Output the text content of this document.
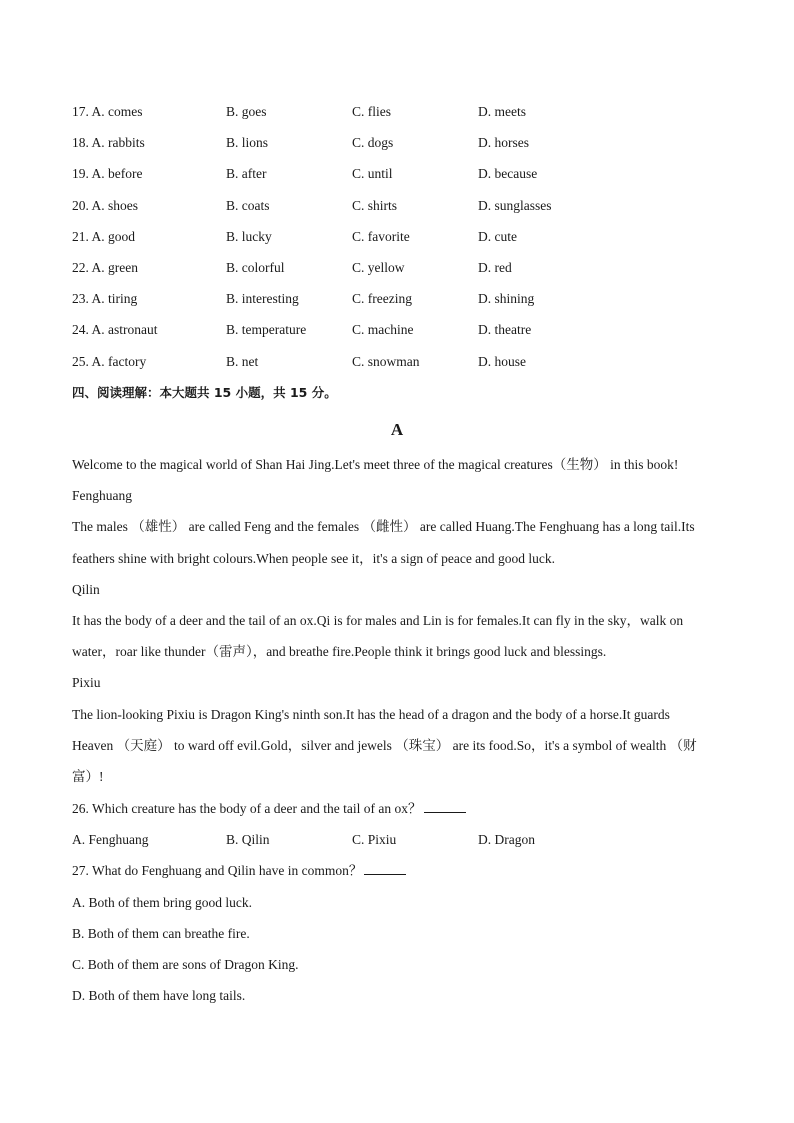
17. A. comes	B. goes	C. flies	D. meets
18. A. rabbits	B. lions	C. dogs	D. horses
19. A. before	B. after	C. until	D. because
20. A. shoes	B. coats	C. shirts	D. sunglasses
21. A. good	B. lucky	C. favorite	D. cute
22. A. green	B. colorful	C. yellow	D. red
23. A. tiring	B. interesting	C. freezing	D. shining
24. A. astronaut	B. temperature	C. machine	D. theatre
25. A. factory	B. net	C. snowman	D. house
四、阅读理解：本大题共 15 小题，共 15 分。
A
Welcome to the magical world of Shan Hai Jing.Let's meet three of the magical creatures（生物） in this book!
Fenghuang
The males （雄性） are called Feng and the females （雌性） are called Huang.The Fenghuang has a long tail.Its
feathers shine with bright colours.When people see it，it's a sign of peace and good luck.
Qilin
It has the body of a deer and the tail of an ox.Qi is for males and Lin is for females.It can fly in the sky，walk on
water，roar like thunder（雷声），and breathe fire.People think it brings good luck and blessings.
Pixiu
The lion-looking Pixiu is Dragon King's ninth son.It has the head of a dragon and the body of a horse.It guards
Heaven （天庭） to ward off evil.Gold，silver and jewels （珠宝） are its food.So，it's a symbol of wealth （财
富）!
26. Which creature has the body of a deer and the tail of an ox？
A. Fenghuang	B. Qilin	C. Pixiu	D. Dragon
27. What do Fenghuang and Qilin have in common？
A. Both of them bring good luck.
B. Both of them can breathe fire.
C. Both of them are sons of Dragon King.
D. Both of them have long tails.
